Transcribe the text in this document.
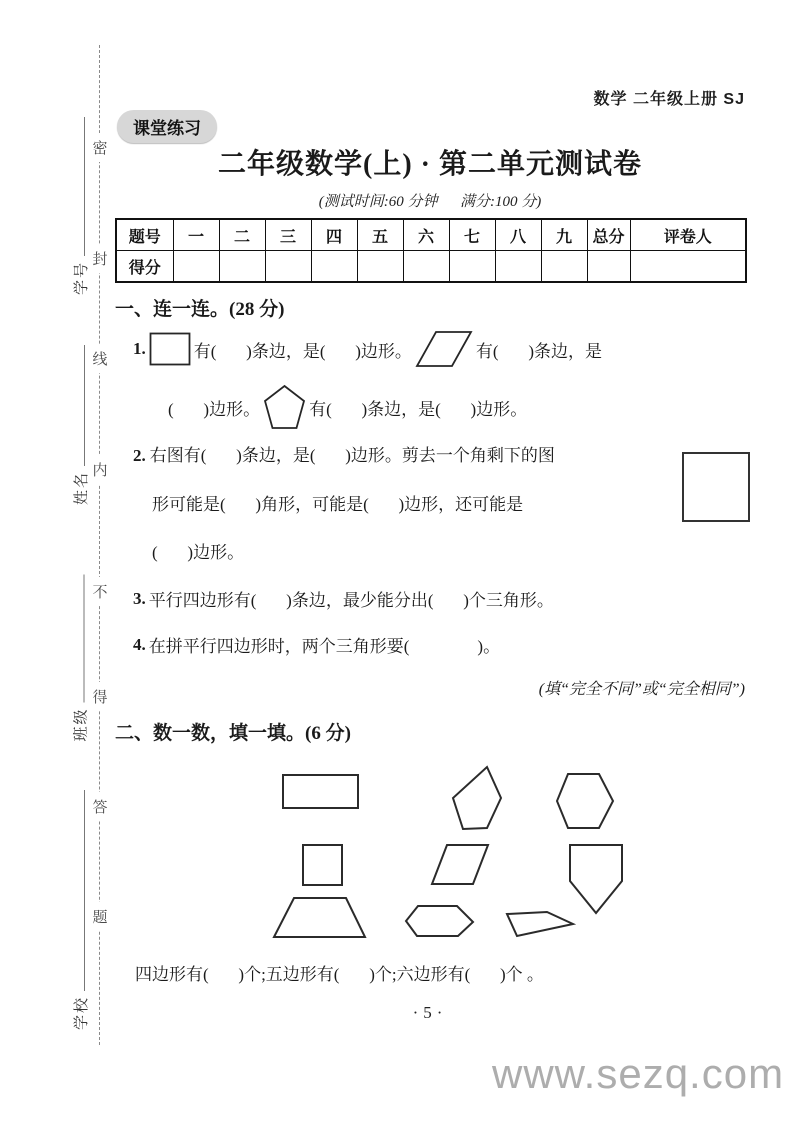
密
封
线
内
不
得
答
题
学号
姓名
班级
学校
数学 二年级上册 SJ
课堂练习
二年级数学(上) · 第二单元测试卷
(测试时间:60 分钟      满分:100 分)
题号	一	二	三	四	五	六	七	八	九	总分	评卷人
得分											
一、连一连。(28 分)
1.	有(       )条边，是(       )边形。	有(       )条边，是
(       )边形。	有(       )条边，是(       )边形。
2. 右图有(       )条边，是(       )边形。剪去一个角剩下的图
形可能是(       )角形，可能是(       )边形，还可能是
(       )边形。
3. 平行四边形有(       )条边，最少能分出(       )个三角形。
4. 在拼平行四边形时，两个三角形要(                )。
(填“完全不同”或“完全相同”)
二、数一数，填一填。(6 分)
四边形有(       )个;五边形有(       )个;六边形有(       )个 。
·5·
www.sezq.com
